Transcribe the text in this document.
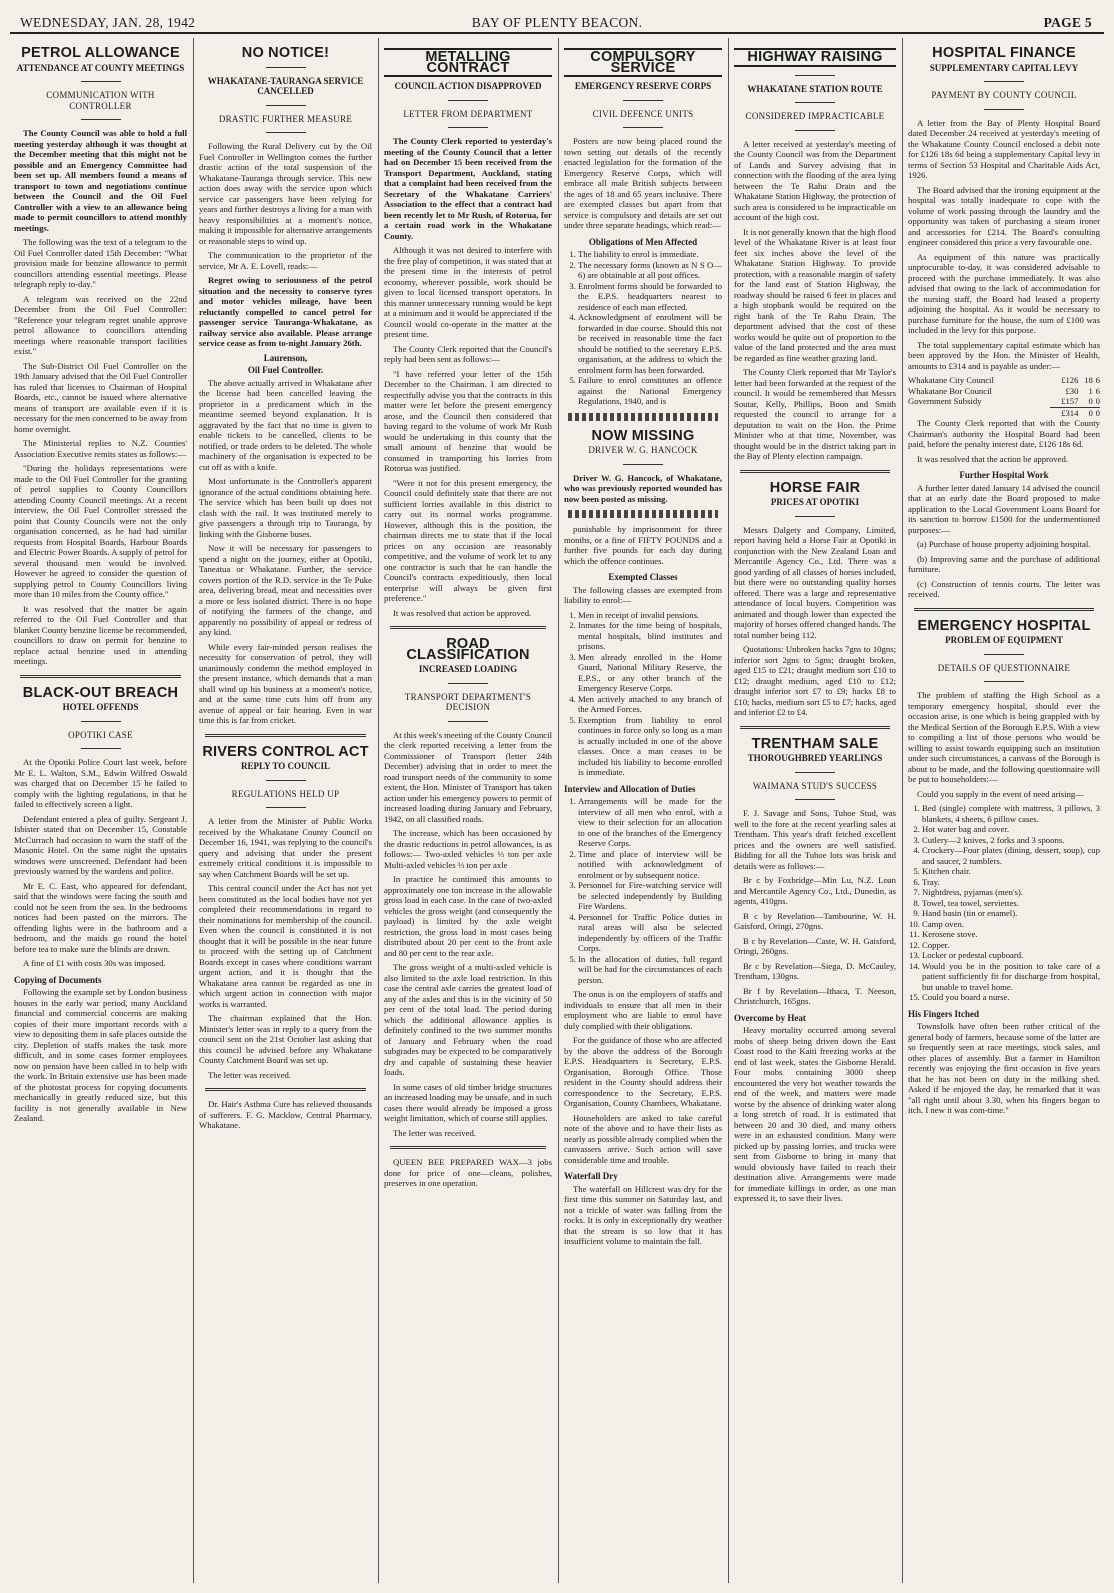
WEDNESDAY, JAN. 28, 1942	BAY OF PLENTY BEACON.	PAGE 5
PETROL ALLOWANCE
ATTENDANCE AT COUNTY MEETINGS
COMMUNICATION WITH CONTROLLER

The County Council was able to hold a full meeting yesterday although it was thought at the December meeting that this might not be possible and an Emergency Committee had been set up. All members found a means of transport to town and negotiations continue between the Council and the Oil Fuel Controller with a view to an allowance being made to permit councillors to attend monthly meetings.

The following was the text of a telegram to the Oil Fuel Controller dated 15th December: "What provision made for benzine allowance to permit councillors attending essential meetings. Please telegraph reply to-day."

A telegram was received on the 22nd December from the Oil Fuel Controller: "Reference your telegram regret unable approve petrol allowance to councillors attending meetings where reasonable transport facilities exist."

The Sub-District Oil Fuel Controller on the 19th January advised that the Oil Fuel Controller has ruled that licenses to Chairman of Hospital Boards, etc., cannot be issued where alternative means of transport are available even if it is necessary for the men concerned to be away from home overnight.

The Ministerial replies to N.Z. Counties' Association Executive remits states as follows:—

"During the holidays representations were made to the Oil Fuel Controller for the granting of petrol supplies to County Councillors attending County Council meetings. At a recent interview, the Oil Fuel Controller stressed the point that County Councils were not the only organisation concerned, as he had had similar requests from Hospital Boards, Harbour Boards and Electric Power Boards. A supply of petrol for several thousand men would be involved. However he agreed to consider the question of supplying petrol to County Councillors living more than 10 miles from the County office."

It was resolved that the matter be again referred to the Oil Fuel Controller and that blanket County benzine license be recommended, councillors to draw on permit for benzine to replace actual benzine used in attending meetings.

BLACK-OUT BREACH
HOTEL OFFENDS
OPOTIKI CASE

At the Opotiki Police Court last week, before Mr E. L. Walton, S.M., Edwin Wilfred Oswald was charged that on December 15 he failed to comply with the lighting regulations, in that he failed to effectively screen a light.

Defendant entered a plea of guilty. Sergeant J. Isbister stated that on December 15, Constable McCurrach had occasion to warn the staff of the Masonic Hotel. On the same night the upstairs windows were unscreened. Defendant had been previously warned by the wardens and police.

Mr E. C. East, who appeared for defendant, said that the windows were facing the south and could not be seen from the sea. In the bedrooms notices had been pasted on the mirrors. The offending lights were in the bathroom and a bedroom, and the maids go round the hotel before tea to make sure the blinds are drawn.

A fine of £1 with costs 30s was imposed.

Copying of Documents

Following the example set by London business houses in the early war period, many Auckland financial and commercial concerns are making copies of their more important records with a view to depositing them in safe places outside the city. Depletion of staffs makes the task more difficult, and in some cases former employees now on pension have been called in to help with the work. In Britain extensive use has been made of the photostat process for copying documents mechanically in greatly reduced size, but this facility is not generally available in New Zealand.

NO NOTICE!
WHAKATANE-TAURANGA SERVICE CANCELLED
DRASTIC FURTHER MEASURE

Following the Rural Delivery cut by the Oil Fuel Controller in Wellington comes the further drastic action of the total suspension of the Whakatane-Tauranga through service. This new action does away with the service upon which service car passengers have been relying for years and further destroys a living for a man with heavy responsibilities at a moment's notice, making it impossible for alternative arrangements or reasonable steps to wind up.

The communication to the proprietor of the service, Mr A. E. Lovell, reads:—

Regret owing to seriousness of the petrol situation and the necessity to conserve tyres and motor vehicles mileage, have been reluctantly compelled to cancel petrol for passenger service Tauranga-Whakatane, as railway service also available. Please arrange service cease as from to-night January 26th.

Laurenson,
Oil Fuel Controller.

The above actually arrived in Whakatane after the license had been cancelled leaving the proprietor in a predicament which in the meantime seemed beyond explanation. It is aggravated by the fact that no time is given to enable tickets to be cancelled, clients to be notified, or trade orders to be deleted. The whole machinery of the organisation is expected to be cut off as with a knife.

Most unfortunate is the Controller's apparent ignorance of the actual conditions obtaining here. The service which has been built up does not clash with the rail. It was instituted merely to give passengers a through trip to Tauranga, by linking with the Gisborne buses.

Now it will be necessary for passengers to spend a night on the journey, either at Opotiki, Taneatua or Whakatane. Further, the service covers portion of the R.D. service in the Te Puke area, delivering bread, meat and necessities over a more or less isolated district. There is no hope of notifying the farmers of the change, and apparently no possibility of appeal or redress of any kind.

While every fair-minded person realises the necessity for conservation of petrol, they will unanimously condemn the method employed in the present instance, which demands that a man shall wind up his business at a moment's notice, and at the same time cuts him off from any avenue of appeal or fair hearing. Even in war time this is far from cricket.

RIVERS CONTROL ACT
REPLY TO COUNCIL
REGULATIONS HELD UP

A letter from the Minister of Public Works received by the Whakatane County Council on December 16, 1941, was replying to the council's query and advising that under the present extremely critical conditions it is impossible to say when Catchment Boards will be set up.

This central council under the Act has not yet been constituted as the local bodies have not yet completed their recommendations in regard to their nominations for membership of the council. Even when the council is constituted it is not thought that it will be possible in the near future to proceed with the setting up of Catchment Boards except in cases where conditions warrant urgent action, and it is thought that the Whakatane area cannot be regarded as one in which urgent action in connection with major works is warranted.

The chairman explained that the Hon. Minister's letter was in reply to a query from the council sent on the 21st October last asking that this council be advised before any Whakatane County Catchment Board was set up.

The letter was received.

Dr. Hair's Asthma Cure has relieved thousands of sufferers. F. G. Macklow, Central Pharmacy, Whakatane.

METALLING CONTRACT
COUNCIL ACTION DISAPPROVED
LETTER FROM DEPARTMENT

The County Clerk reported to yesterday's meeting of the County Council that a letter had on December 15 been received from the Transport Department, Auckland, stating that a complaint had been received from the Secretary of the Whakatane Carriers' Association to the effect that a contract had been recently let to Mr Rush, of Rotorua, for a certain road work in the Whakatane County.

Although it was not desired to interfere with the free play of competition, it was stated that at the present time in the interests of petrol economy, wherever possible, work should be given to local licensed transport operators. In this manner unnecessary running would be kept at a minimum and it would be appreciated if the Council would co-operate in the matter at the present time.

The County Clerk reported that the Council's reply had been sent as follows:—

"I have referred your letter of the 15th December to the Chairman. I am directed to respectfully advise you that the contracts in this matter were let before the present emergency arose, and the Council then considered that having regard to the volume of work Mr Rush would be undertaking in this county that the small amount of benzine that would be consumed in transporting his lorries from Rotorua was justified.

"Were it not for this present emergency, the Council could definitely state that there are not sufficient lorries available in this district to carry out its normal works programme. However, although this is the position, the chairman directs me to state that if the local prices on any occasion are reasonably competitive, and the volume of work let to any one contractor is such that he can handle the Council's contracts expeditiously, then local enterprise will always be given first preference."

It was resolved that action be approved.

ROAD CLASSIFICATION
INCREASED LOADING
TRANSPORT DEPARTMENT'S DECISION

At this week's meeting of the County Council the clerk reported receiving a letter from the Commissioner of Transport (letter 24th December) advising that in order to meet the road transport needs of the community to some extent, the Hon. Minister of Transport has taken action under his emergency powers to permit of increased loading during January and February, 1942, on all classified roads.

The increase, which has been occasioned by the drastic reductions in petrol allowances, is as follows:— Two-axled vehicles ⅓ ton per axle Multi-axled vehicles ⅓ ton per axle

In practice he continued this amounts to approximately one ton increase in the allowable gross load in each case. In the case of two-axled vehicles the gross weight (and consequently the payload) is limited by the axle weight restriction, the gross load in most cases being distributed about 20 per cent to the front axle and 80 per cent to the rear axle.

The gross weight of a multi-axled vehicle is also limited to the axle load restriction. In this case the central axle carries the greatest load of any of the axles and this is in the vicinity of 50 per cent of the total load. The period during which the additional allowance applies is definitely confined to the two summer months of January and February when the road subgrades may be expected to be comparatively dry and capable of sustaining these heavier loads.

In some cases of old timber bridge structures an increased loading may be unsafe, and in such cases there would already be imposed a gross weight limitation, which of course still applies.

The letter was received.

QUEEN BEE PREPARED WAX—3 jobs done for price of one—cleans, polishes, preserves in one operation.

COMPULSORY SERVICE
EMERGENCY RESERVE CORPS
CIVIL DEFENCE UNITS

Posters are now being placed round the town setting out details of the recently enacted legislation for the formation of the Emergency Reserve Corps, which will embrace all male British subjects between the ages of 18 and 65 years inclusive. There are exempted classes but apart from that service is compulsory and details are set out under three separate headings, which read:—

Obligations of Men Affected
1. The liability to enrol is immediate.
2. The necessary forms (known as N S O—6) are obtainable at all post offices.
3. Enrolment forms should be forwarded to the E.P.S. headquarters nearest to residence of each man effected.
4. Acknowledgment of enrolment will be forwarded in due course. Should this not be received in reasonable time the fact should be notified to the secretary E.P.S. organisation, at the address to which the enrolment form has been forwarded.
5. Failure to enrol constitutes an offence against the National Emergency Regulations, 1940, and is
NOW MISSING
DRIVER W. G. HANCOCK

Driver W. G. Hancock, of Whakatane, who was previously reported wounded has now been posted as missing.

punishable by imprisonment for three months, or a fine of FIFTY POUNDS and a further five pounds for each day during which the offence continues.

Exempted Classes

The following classes are exempted from liability to enrol:—

1. Men in receipt of invalid pensions.
2. Inmates for the time being of hospitals, mental hospitals, blind institutes and prisons.
3. Men already enrolled in the Home Guard, National Military Reserve, the E.P.S., or any other branch of the Emergency Reserve Corps.
4. Men actively attached to any branch of the Armed Forces.
5. Exemption from liability to enrol continues in force only so long as a man is actually included in one of the above classes. Once a man ceases to be included his liability to become enrolled is immediate.
Interview and Allocation of Duties
1. Arrangements will be made for the interview of all men who enrol, with a view to their selection for an allocation to one of the branches of the Emergency Reserve Corps.
2. Time and place of interview will be notified with acknowledgment of enrolment or by subsequent notice.
3. Personnel for Fire-watching service will be selected independently by Building Fire Wardens.
4. Personnel for Traffic Police duties in rural areas will also be selected independently by officers of the Traffic Corps.
5. In the allocation of duties, full regard will be had for the circumstances of each person.

The onus is on the employers of staffs and individuals to ensure that all men in their employment who are liable to enrol have duly complied with their obligations.

For the guidance of those who are affected by the above the address of the Borough E.P.S. Headquarters is Secretary, E.P.S. Organisation, Borough Office. Those resident in the County should address their correspondence to the Secretary, E.P.S. Organisation, County Chambers, Whakatane.

Householders are asked to take careful note of the above and to have their lists as nearly as possible already complied when the canvassers arrive. Such action will save considerable time and trouble.

Waterfall Dry

The waterfall on Hillcrest was dry for the first time this summer on Saturday last, and not a trickle of water was falling from the rocks. It is only in exceptionally dry weather that the stream is so low that it has insufficient volume to maintain the fall.

HIGHWAY RAISING
WHAKATANE STATION ROUTE
CONSIDERED IMPRACTICABLE

A letter received at yesterday's meeting of the County Council was from the Department of Lands and Survey advising that in connection with the flooding of the area lying between the Te Rahu Drain and the Whakatane Station Highway, the protection of such area is considered to be impracticable on account of the high cost.

It is not generally known that the high flood level of the Whakatane River is at least four feet six inches above the level of the Whakatane Station Highway. To provide protection, with a reasonable margin of safety for the land east of Station Highway, the roadway should be raised 6 feet in places and a high stopbank would be required on the right bank of the Te Rahu Drain. The department advised that the cost of these works would be quite out of proportion to the value of the land protected and the area must be regarded as fine weather grazing land.

The County Clerk reported that Mr Taylor's letter had been forwarded at the request of the council. It would be remembered that Messrs Soutar, Kelly, Phillips, Boon and Smith requested the council to arrange for a deputation to wait on the Hon. the Prime Minister who at that time, November, was thought would be in the district taking part in the Bay of Plenty election campaign.

HORSE FAIR
PRICES AT OPOTIKI

Messrs Dalgety and Company, Limited, report having held a Horse Fair at Opotiki in conjunction with the New Zealand Loan and Mercantile Agency Co., Ltd. There was a good yarding of all classes of horses included, but there were no outstanding quality horses offered. There was a large and representative attendance of local buyers. Competition was animated and though lower than expected the majority of horses offered changed hands. The total number being 112.

Quotations: Unbroken hacks 7gns to 10gns; inferior sort 2gns to 5gns; draught broken, aged £15 to £21; draught medium sort £10 to £12; draught medium, aged £10 to £12; draught inferior sort £7 to £9; hacks £8 to £10; hacks, medium sort £5 to £7; hacks, aged and inferior £2 to £4.

TRENTHAM SALE
THOROUGHBRED YEARLINGS
WAIMANA STUD'S SUCCESS

F. J. Savage and Sons, Tuhoe Stud, was well to the fore at the recent yearling sales at Trentham. This year's draft fetched excellent prices and the owners are well satisfied. Bidding for all the Tuhoe lots was brisk and details were as follows:—

Br c by Foxbridge—Min Lu, N.Z. Loan and Mercantile Agency Co., Ltd., Dunedin, as agents, 410gns.

B c by Revelation—Tambourine, W. H. Gaisford, Oringi, 270gns.

B c by Revelation—Caste, W. H. Gaisford, Oringi, 260gns.

Br c by Revelation—Siega, D. McCauley, Trentham, 130gns.

Br f by Revelation—Ithaca, T. Neeson, Christchurch, 165gns.

Overcome by Heat

Heavy mortality occurred among several mobs of sheep being driven down the East Coast road to the Kaiti freezing works at the end of last week, states the Gisborne Herald. Four mobs containing 3000 sheep encountered the very hot weather towards the end of the week, and matters were made worse by the absence of drinking water along a long stretch of road. It is estimated that between 20 and 30 died, and many others were in an exhausted condition. Many were picked up by passing lorries, and trucks were sent from Gisborne to bring in many that would obviously have failed to reach their destination alive. Arrangements were made for immediate killings in order, as one man expressed it, to save their lives.

HOSPITAL FINANCE
SUPPLEMENTARY CAPITAL LEVY
PAYMENT BY COUNTY COUNCIL

A letter from the Bay of Plenty Hospital Board dated December 24 received at yesterday's meeting of the Whakatane County Council enclosed a debit note for £126 18s 6d being a supplementary Capital levy in terms of Section 53 Hospital and Charitable Aids Act, 1926.

The Board advised that the ironing equipment at the hospital was totally inadequate to cope with the volume of work passing through the laundry and the opportunity was taken of purchasing a steam ironer and accessories for £214. The Board's consulting engineer considered this price a very favourable one.

As equipment of this nature was practically unprocurable to-day, it was considered advisable to proceed with the purchase immediately. It was also advised that owing to the lack of accommodation for the nursing staff, the Board had leased a property adjoining the hospital. As it would be necessary to purchase furniture for the house, the sum of £100 was included in the levy for this purpose.

The total supplementary capital estimate which has been approved by the Hon. the Minister of Health, amounts to £314 and is payable as under:—

Whakatane City Council	£126	18	6
Whakatane Bor Council	£30	1	6
Government Subsidy	£157	0	0
	£314	0	0

The County Clerk reported that with the County Chairman's authority the Hospital Board had been paid, before the penalty interest date, £126 18s 6d.

It was resolved that the action be approved.

Further Hospital Work

A further letter dated January 14 advised the council that at an early date the Board proposed to make application to the Local Government Loans Board for its sanction to borrow £1500 for the undermentioned purposes:—

(a) Purchase of house property adjoining hospital.

(b) Improving same and the purchase of additional furniture.

(c) Construction of tennis courts. The letter was received.

EMERGENCY HOSPITAL
PROBLEM OF EQUIPMENT
DETAILS OF QUESTIONNAIRE

The problem of staffing the High School as a temporary emergency hospital, should ever the occasion arise, is one which is being grappled with by the Medical Section of the Borough E.P.S. With a view to compiling a list of those persons who would be willing to assist towards equipping such an institution under such circumstances, a canvass of the Borough is about to be made, and the following questionnaire will be put to householders:—

Could you supply in the event of need arising—

1. Bed (single) complete with mattress, 3 pillows, 3 blankets, 4 sheets, 6 pillow cases.
2. Hot water bag and cover.
3. Cutlery—2 knives, 2 forks and 3 spoons.
4. Crockery—Four plates (dining, dessert, soup), cup and saucer, 2 tumblers.
5. Kitchen chair.
6. Tray.
7. Nightdress, pyjamas (men's).
8. Towel, tea towel, serviettes.
9. Hand basin (tin or enamel).
10. Camp oven.
11. Kerosene stove.
12. Copper.
13. Locker or pedestal cupboard.
14. Would you be in the position to take care of a patient sufficiently fit for discharge from hospital, but unable to travel home.
15. Could you board a nurse.
His Fingers Itched

Townsfolk have often been rather critical of the general body of farmers, because some of the latter are so frequently seen at race meetings, stock sales, and other places of assembly. But a farmer in Hamilton recently was enjoying the first occasion in five years that he has not been on duty in the milking shed. Asked if he enjoyed the day, he remarked that it was "all right until about 3.30, when his fingers began to itch. I new it was com-time."
